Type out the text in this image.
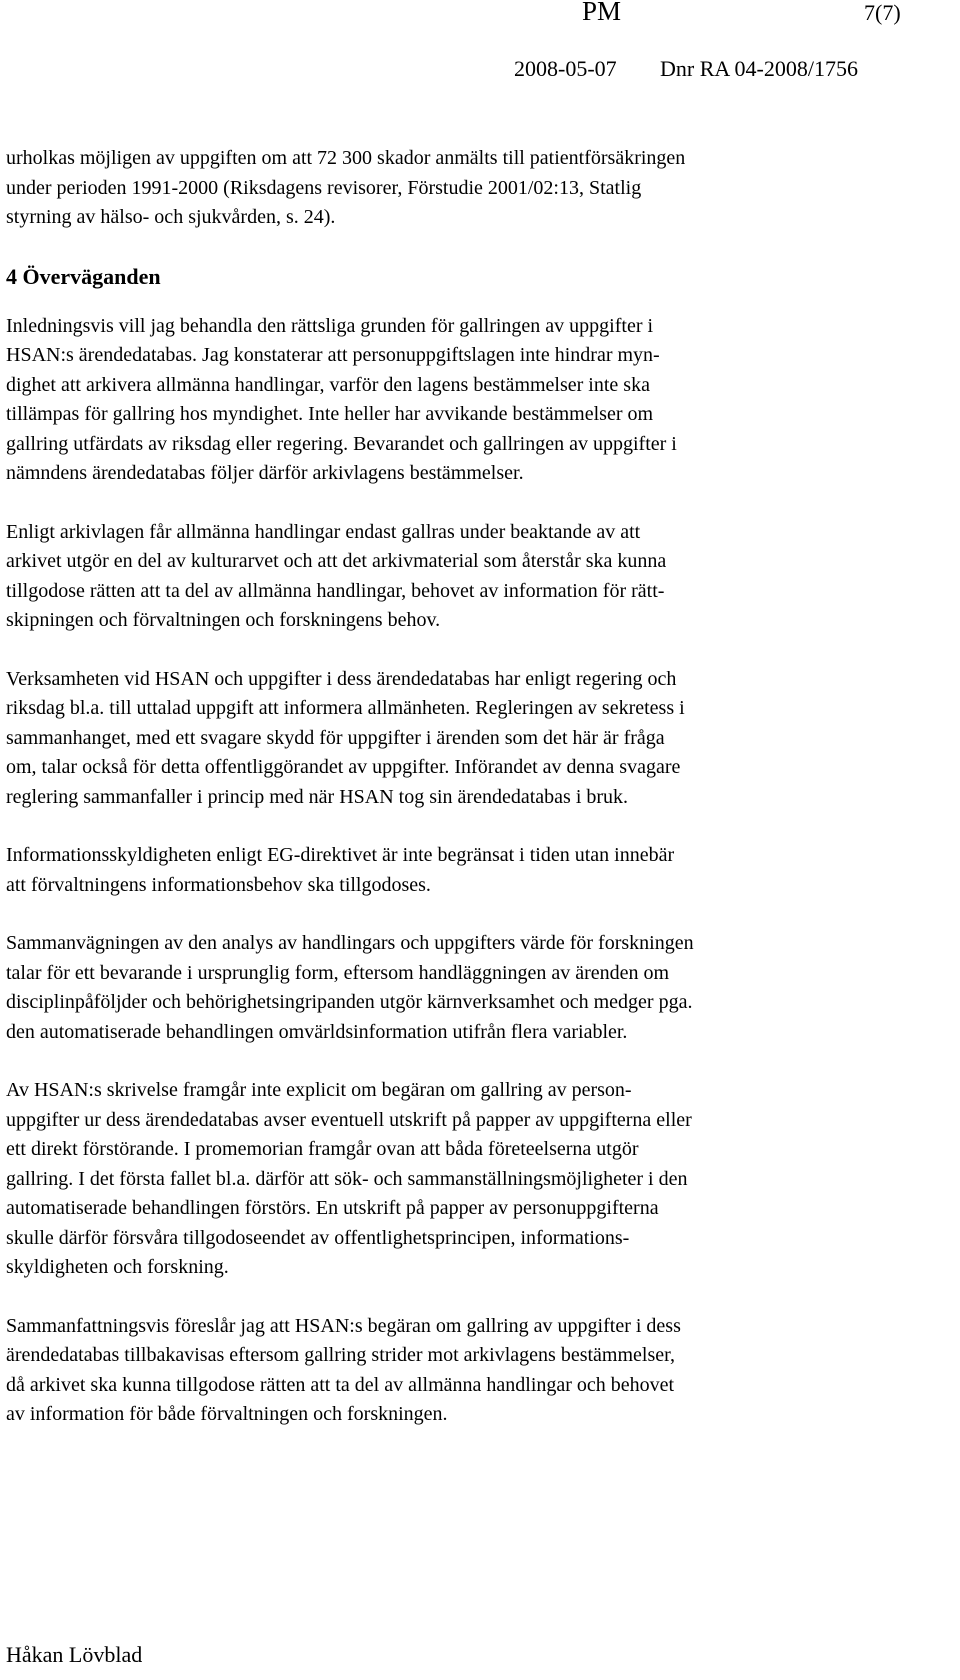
PM	7(7)
2008-05-07 Dnr RA 04-2008/1756

urholkas möjligen av uppgiften om att 72 300 skador anmälts till patientförsäkringen
under perioden 1991-2000 (Riksdagens revisorer, Förstudie 2001/02:13, Statlig
styrning av hälso- och sjukvården, s. 24).

4 Överväganden

Inledningsvis vill jag behandla den rättsliga grunden för gallringen av uppgifter i
HSAN:s ärendedatabas. Jag konstaterar att personuppgiftslagen inte hindrar myn-
dighet att arkivera allmänna handlingar, varför den lagens bestämmelser inte ska
tillämpas för gallring hos myndighet. Inte heller har avvikande bestämmelser om
gallring utfärdats av riksdag eller regering. Bevarandet och gallringen av uppgifter i
nämndens ärendedatabas följer därför arkivlagens bestämmelser.

Enligt arkivlagen får allmänna handlingar endast gallras under beaktande av att
arkivet utgör en del av kulturarvet och att det arkivmaterial som återstår ska kunna
tillgodose rätten att ta del av allmänna handlingar, behovet av information för rätt-
skipningen och förvaltningen och forskningens behov.

Verksamheten vid HSAN och uppgifter i dess ärendedatabas har enligt regering och
riksdag bl.a. till uttalad uppgift att informera allmänheten. Regleringen av sekretess i
sammanhanget, med ett svagare skydd för uppgifter i ärenden som det här är fråga
om, talar också för detta offentliggörandet av uppgifter. Införandet av denna svagare
reglering sammanfaller i princip med när HSAN tog sin ärendedatabas i bruk.

Informationsskyldigheten enligt EG-direktivet är inte begränsat i tiden utan innebär
att förvaltningens informationsbehov ska tillgodoses.

Sammanvägningen av den analys av handlingars och uppgifters värde för forskningen
talar för ett bevarande i ursprunglig form, eftersom handläggningen av ärenden om
disciplinpåföljder och behörighetsingripanden utgör kärnverksamhet och medger pga.
den automatiserade behandlingen omvärldsinformation utifrån flera variabler.

Av HSAN:s skrivelse framgår inte explicit om begäran om gallring av person-
uppgifter ur dess ärendedatabas avser eventuell utskrift på papper av uppgifterna eller
ett direkt förstörande. I promemorian framgår ovan att båda företeelserna utgör
gallring. I det första fallet bl.a. därför att sök- och sammanställningsmöjligheter i den
automatiserade behandlingen förstörs. En utskrift på papper av personuppgifterna
skulle därför försvåra tillgodoseendet av offentlighetsprincipen, informations-
skyldigheten och forskning.

Sammanfattningsvis föreslår jag att HSAN:s begäran om gallring av uppgifter i dess
ärendedatabas tillbakavisas eftersom gallring strider mot arkivlagens bestämmelser,
då arkivet ska kunna tillgodose rätten att ta del av allmänna handlingar och behovet
av information för både förvaltningen och forskningen.

Håkan Lövblad
